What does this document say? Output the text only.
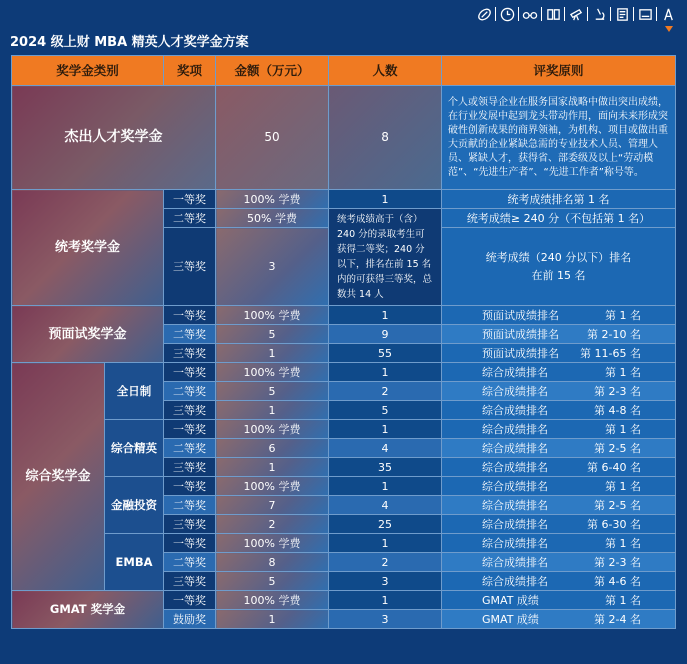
2024 级上财 MBA 精英人才奖学金方案
奖学金类别		奖项	金额（万元）	人数	评奖原则
杰出人才奖学金			50	8	个人或领导企业在服务国家战略中做出突出成绩，在行业发展中起到龙头带动作用，面向未来形成突破性创新成果的商界领袖，为机构、项目或做出重大贡献的企业紧缺急需的专业技术人员、管理人员、紧缺人才，获得省、部委级及以上“劳动模范”、“先进生产者”、“先进工作者”称号等。
统考奖学金		一等奖	100% 学费	1	统考成绩排名第 1 名
		二等奖	50% 学费	统考成绩高于（含）240 分的录取考生可获得二等奖；240 分以下，排名在前 15 名内的可获得三等奖，总数共 14 人	统考成绩≥ 240 分（不包括第 1 名）
		三等奖	3		统考成绩（240 分以下）排名在前 15 名
预面试奖学金		一等奖	100% 学费	1	预面试成绩排名 第 1 名

		二等奖	5	9	预面试成绩排名 第 2-10 名

		三等奖	1	55	预面试成绩排名 第 11-65 名

综合奖学金	全日制	一等奖	100% 学费	1	综合成绩排名 第 1 名

		二等奖	5	2	综合成绩排名 第 2-3 名

		三等奖	1	5	综合成绩排名 第 4-8 名

	综合精英	一等奖	100% 学费	1	综合成绩排名 第 1 名

		二等奖	6	4	综合成绩排名 第 2-5 名

		三等奖	1	35	综合成绩排名 第 6-40 名

	金融投资	一等奖	100% 学费	1	综合成绩排名 第 1 名

		二等奖	7	4	综合成绩排名 第 2-5 名

		三等奖	2	25	综合成绩排名 第 6-30 名

	EMBA	一等奖	100% 学费	1	综合成绩排名 第 1 名

		二等奖	8	2	综合成绩排名 第 2-3 名

		三等奖	5	3	综合成绩排名 第 4-6 名

GMAT 奖学金		一等奖	100% 学费	1	GMAT 成绩 第 1 名

		鼓励奖	1	3	GMAT 成绩 第 2-4 名
